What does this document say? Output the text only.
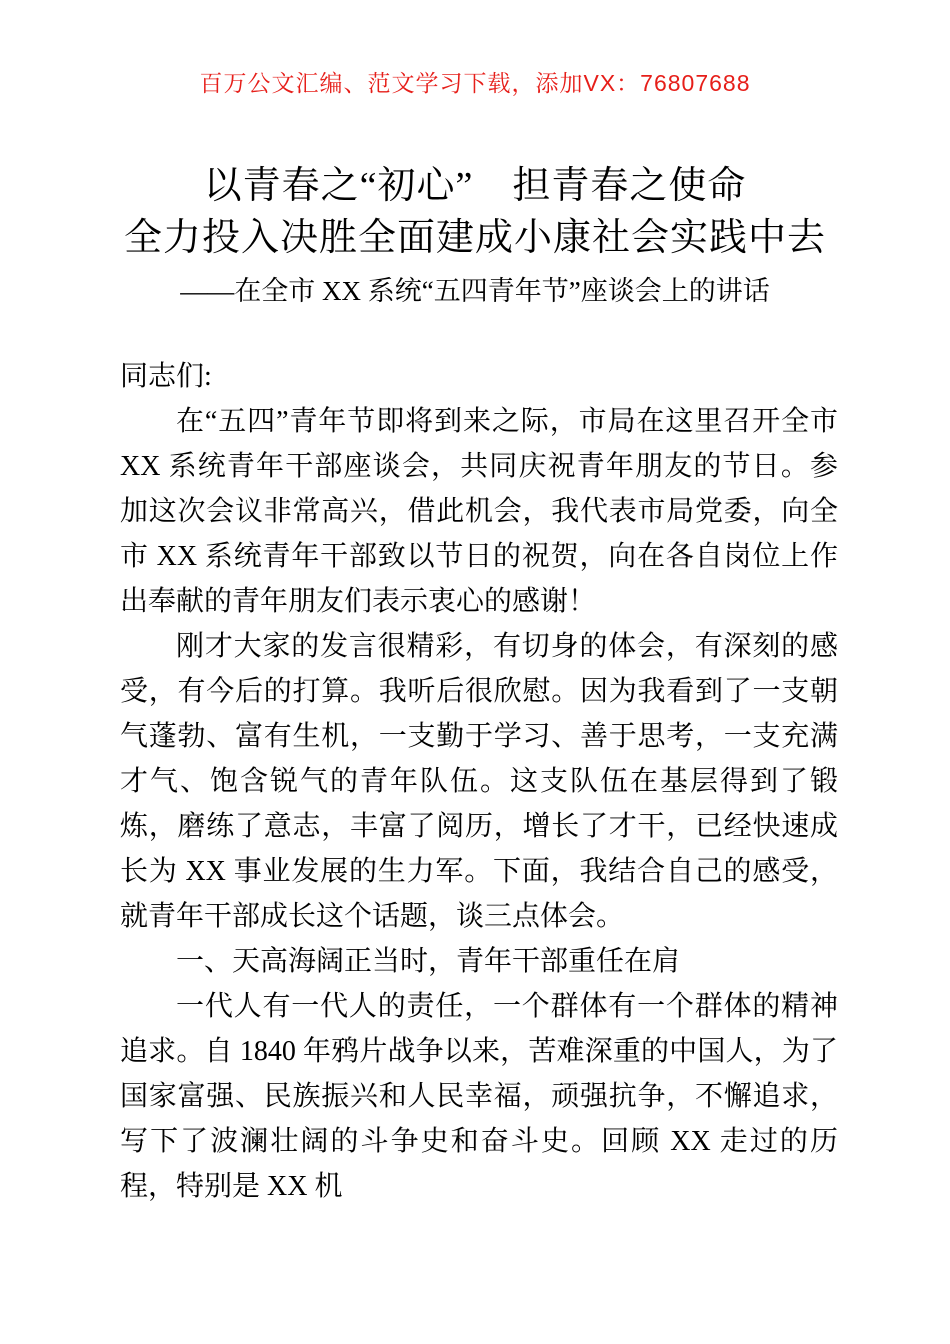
百万公文汇编、范文学习下载，添加VX：76807688

以青春之“初心”　担青春之使命
全力投入决胜全面建成小康社会实践中去

——在全市 XX 系统“五四青年节”座谈会上的讲话

同志们:

在“五四”青年节即将到来之际，市局在这里召开全市 XX 系统青年干部座谈会，共同庆祝青年朋友的节日。参加这次会议非常高兴，借此机会，我代表市局党委，向全市 XX 系统青年干部致以节日的祝贺，向在各自岗位上作出奉献的青年朋友们表示衷心的感谢！

刚才大家的发言很精彩，有切身的体会，有深刻的感受，有今后的打算。我听后很欣慰。因为我看到了一支朝气蓬勃、富有生机，一支勤于学习、善于思考，一支充满才气、饱含锐气的青年队伍。这支队伍在基层得到了锻炼，磨练了意志，丰富了阅历，增长了才干，已经快速成长为 XX 事业发展的生力军。下面，我结合自己的感受，就青年干部成长这个话题，谈三点体会。

一、天高海阔正当时，青年干部重任在肩

一代人有一代人的责任，一个群体有一个群体的精神追求。自 1840 年鸦片战争以来，苦难深重的中国人，为了国家富强、民族振兴和人民幸福，顽强抗争，不懈追求，写下了波澜壮阔的斗争史和奋斗史。回顾 XX 走过的历程，特别是 XX 机
